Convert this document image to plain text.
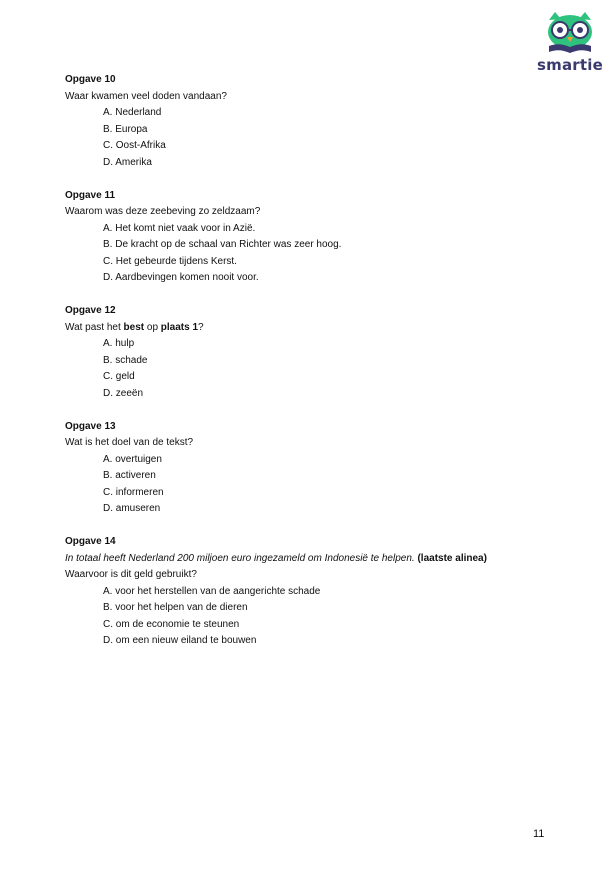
smartie
Opgave 10
Waar kwamen veel doden vandaan?
A. Nederland
B. Europa
C. Oost-Afrika
D. Amerika
Opgave 11
Waarom was deze zeebeving zo zeldzaam?
A. Het komt niet vaak voor in Azië.
B. De kracht op de schaal van Richter was zeer hoog.
C. Het gebeurde tijdens Kerst.
D. Aardbevingen komen nooit voor.
Opgave 12
Wat past het best op plaats 1?
A. hulp
B. schade
C. geld
D. zeeën
Opgave 13
Wat is het doel van de tekst?
A. overtuigen
B. activeren
C. informeren
D. amuseren
Opgave 14
In totaal heeft Nederland 200 miljoen euro ingezameld om Indonesië te helpen. (laatste alinea)
Waarvoor is dit geld gebruikt?
A. voor het herstellen van de aangerichte schade
B. voor het helpen van de dieren
C. om de economie te steunen
D. om een nieuw eiland te bouwen
11
